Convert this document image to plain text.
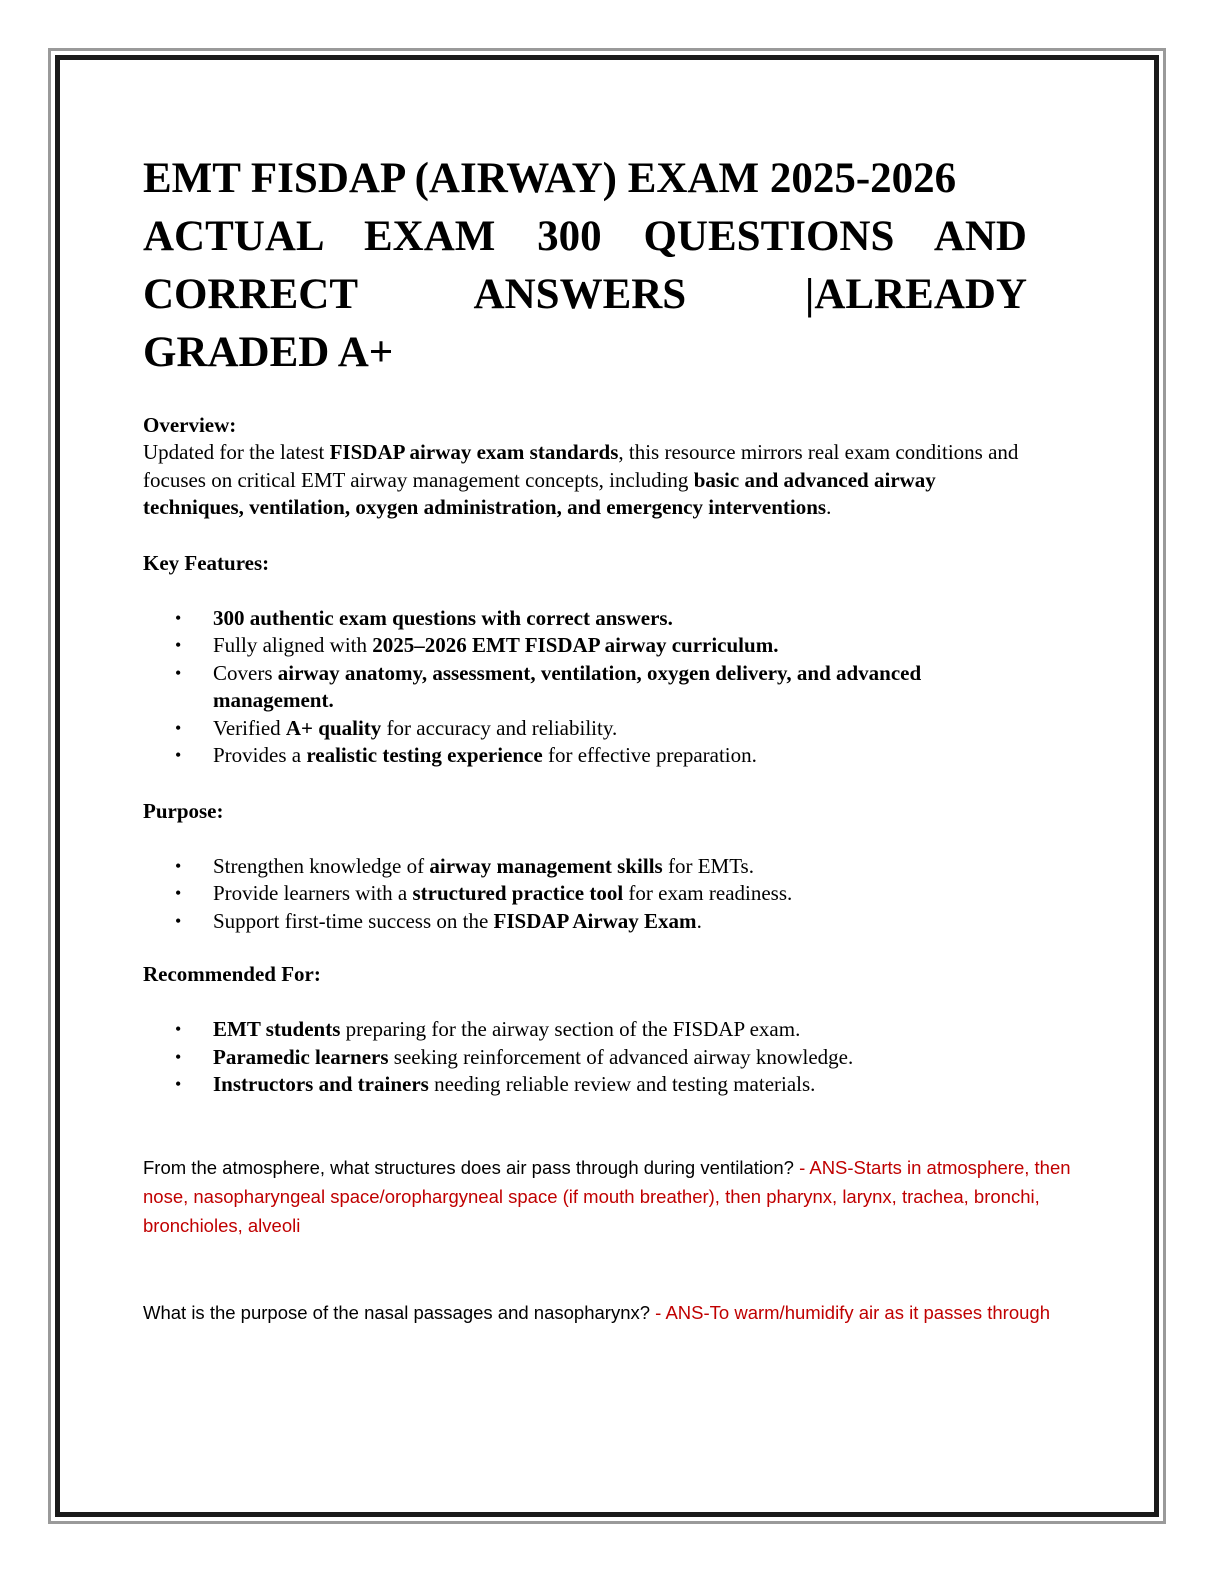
EMT FISDAP (AIRWAY) EXAM 2025-2026
ACTUAL EXAM 300 QUESTIONS AND
CORRECT ANSWERS |ALREADY
GRADED A+
Overview:

Updated for the latest FISDAP airway exam standards, this resource mirrors real exam conditions and focuses on critical EMT airway management concepts, including basic and advanced airway techniques, ventilation, oxygen administration, and emergency interventions.

Key Features:
• 300 authentic exam questions with correct answers.
• Fully aligned with 2025–2026 EMT FISDAP airway curriculum.
• Covers airway anatomy, assessment, ventilation, oxygen delivery, and advanced management.
• Verified A+ quality for accuracy and reliability.
• Provides a realistic testing experience for effective preparation.
Purpose:
• Strengthen knowledge of airway management skills for EMTs.
• Provide learners with a structured practice tool for exam readiness.
• Support first-time success on the FISDAP Airway Exam.
Recommended For:
• EMT students preparing for the airway section of the FISDAP exam.
• Paramedic learners seeking reinforcement of advanced airway knowledge.
• Instructors and trainers needing reliable review and testing materials.
From the atmosphere, what structures does air pass through during ventilation? - ANS-Starts in atmosphere, then nose, nasopharyngeal space/orophargyneal space (if mouth breather), then pharynx, larynx, trachea, bronchi, bronchioles, alveoli
What is the purpose of the nasal passages and nasopharynx? - ANS-To warm/humidify air as it passes through
